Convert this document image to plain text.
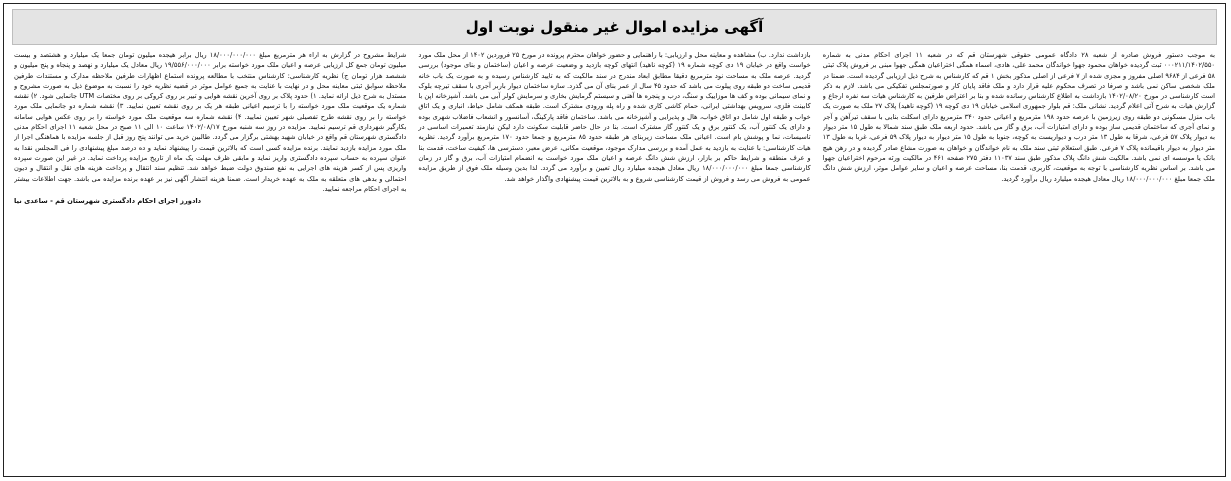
آگهی مزایده اموال غیر منقول نوبت اول

به موجب دستور فروش صادره از شعبه ۲۸ دادگاه عمومی حقوقی شهرستان قم که در شعبه ۱۱ اجرای احکام مدنی به شماره ۰۰۰۲۱۱/۱۴۰۲/۵۵۰ ثبت گردیده خواهان محمود جهوا خواندگان محمد علی، هادی، اسماء همگی اختراعیان همگی جهوا مبنی بر فروش پلاک ثبتی ۵۸ فرعی از ۹۶۸۴ اصلی مفروز و مجزی شده از ۷ فرعی از اصلی مذکور بخش ۱ قم که کارشناس به شرح ذیل ارزیابی گردیده است. ضمنا در ملک شخصی ساکن نمی باشد و صرفا در تصرف محکوم علیه قرار دارد و ملک فاقد پایان کار و صورتمجلس تفکیکی می باشد. لازم به ذکر است کارشناسی در مورخ ۱۴۰۲/۰۸/۲۰ بازداشت به اطلاع کارشناس رسانده شده و بنا بر اعتراض طرفین به کارشناس هیات سه نفره ارجاع و گزارش هیات به شرح آتی اعلام گردید. نشانی ملک: قم بلوار جمهوری اسلامی خیابان ۱۹ دی کوچه ۱۹ (کوچه ناهید) پلاک ۲۷ ملک به صورت یک باب منزل مسکونی دو طبقه روی زیرزمین با عرصه حدود ۱۹۸ مترمربع و اعیانی حدود ۳۴۰ مترمربع دارای اسکلت بنایی با سقف تیرآهن و آجر و نمای آجری که ساختمان قدیمی ساز بوده و دارای امتیازات آب، برق و گاز می باشد. حدود اربعه ملک طبق سند شمالا به طول ۱۵ متر دیوار به دیوار پلاک ۵۷ فرعی، شرقا به طول ۱۳ متر درب و دیواریست به کوچه، جنوبا به طول ۱۵ متر دیوار به دیوار پلاک ۵۹ فرعی، غربا به طول ۱۳ متر دیوار به دیوار باقیمانده پلاک ۷ فرعی. طبق استعلام ثبتی سند ملک به نام خواندگان و خواهان به صورت مشاع صادر گردیده و در رهن هیچ بانک یا موسسه ای نمی باشد. مالکیت شش دانگ پلاک مذکور طبق سند ۱۱۰۳۷ دفتر ۲۷۵ صفحه ۴۶۱ در مالکیت ورثه مرحوم اختراعیان جهوا می باشد. بر اساس نظریه کارشناسی با توجه به موقعیت، کاربری، قدمت بنا، مساحت عرصه و اعیان و سایر عوامل موثر، ارزش شش دانگ ملک جمعا مبلغ ۱۸/۰۰۰/۰۰۰/۰۰۰ ریال معادل هیجده میلیارد ریال برآورد گردید.

بازداشت ندارد. ب) مشاهده و معاینه محل و ارزیابی: با راهنمایی و حضور خواهان محترم پرونده در مورخ ۲۵ فروردین ۱۴۰۲ از محل ملک مورد خواست واقع در خیابان ۱۹ دی کوچه شماره ۱۹ (کوچه ناهید) انتهای کوچه بازدید و وضعیت عرصه و اعیان (ساختمان و بنای موجود) بررسی گردید. عرصه ملک به مساحت نود مترمربع دقیقا مطابق ابعاد مندرج در سند مالکیت که به تایید کارشناس رسیده و به صورت یک باب خانه قدیمی ساخت دو طبقه روی پیلوت می باشد که حدود ۴۵ سال از عمر بنای آن می گذرد. سازه ساختمان دیوار باربر آجری با سقف تیرچه بلوک و نمای سیمانی بوده و کف ها موزاییک و سنگ، درب و پنجره ها آهنی و سیستم گرمایش بخاری و سرمایش کولر آبی می باشد. آشپزخانه اپن با کابینت فلزی، سرویس بهداشتی ایرانی، حمام کاشی کاری شده و راه پله ورودی مشترک است. طبقه همکف شامل حیاط، انباری و یک اتاق خواب و طبقه اول شامل دو اتاق خواب، هال و پذیرایی و آشپزخانه می باشد. ساختمان فاقد پارکینگ، آسانسور و انشعاب فاضلاب شهری بوده و دارای یک کنتور آب، یک کنتور برق و یک کنتور گاز مشترک است. بنا در حال حاضر قابلیت سکونت دارد لیکن نیازمند تعمیرات اساسی در تاسیسات، نما و پوشش بام است. اعیانی ملک مساحت زیربنای هر طبقه حدود ۸۵ مترمربع و جمعا حدود ۱۷۰ مترمربع برآورد گردید. نظریه هیات کارشناسی: با عنایت به بازدید به عمل آمده و بررسی مدارک موجود، موقعیت مکانی، عرض معبر، دسترسی ها، کیفیت ساخت، قدمت بنا و عرف منطقه و شرایط حاکم بر بازار، ارزش شش دانگ عرصه و اعیان ملک مورد خواست به انضمام امتیازات آب، برق و گاز در زمان کارشناسی جمعا مبلغ ۱۸/۰۰۰/۰۰۰/۰۰۰ ریال معادل هیجده میلیارد ریال تعیین و برآورد می گردد. لذا بدین وسیله ملک فوق از طریق مزایده عمومی به فروش می رسد و فروش از قیمت کارشناسی شروع و به بالاترین قیمت پیشنهادی واگذار خواهد شد.

شرایط مشروح در گزارش به اراء هر مترمربع مبلغ ۱۸/۰۰۰/۰۰۰/۰۰۰ ریال برابر هیجده میلیون تومان جمعا یک میلیارد و هشتصد و بیست میلیون تومان جمع کل ارزیابی عرصه و اعیان ملک مورد خواسته برابر ۱۹/۵۵۶/۰۰۰/۰۰۰ ریال معادل یک میلیارد و نهصد و پنجاه و پنج میلیون و ششصد هزار تومان ج) نظریه کارشناسی: کارشناس منتخب با مطالعه پرونده استماع اظهارات طرفین ملاحظه مدارک و مستندات طرفین ملاحظه سوابق ثبتی معاینه محل و در نهایت با عنایت به جمیع عوامل موثر در قضیه نظریه خود را نسبت به موضوع ذیل به صورت مشروح و مستدل به شرح ذیل ارائه نماید. ۱) حدود پلاک بر روی آخرین نقشه هوایی و تبیر بر روی کروکی بر روی مختصات UTM جانمایی شود. ۲) نقشه شماره یک موقعیت ملک مورد خواسته را با ترسیم اعیانی طبقه هر یک بر روی نقشه تعیین نمایید. ۳) نقشه شماره دو جانمایی ملک مورد خواسته را بر روی نقشه طرح تفصیلی شهر تعیین نمایید. ۴) نقشه شماره سه موقعیت ملک مورد خواسته را بر روی عکس هوایی سامانه بکارگیر شهرداری قم ترسیم نمایید. مزایده در روز سه شنبه مورخ ۱۴۰۲/۰۸/۱۷ ساعت ۱۰ الی ۱۱ صبح در محل شعبه ۱۱ اجرای احکام مدنی دادگستری شهرستان قم واقع در خیابان شهید بهشتی برگزار می گردد. طالبین خرید می توانند پنج روز قبل از جلسه مزایده با هماهنگی اجرا از ملک مورد مزایده بازدید نمایند. برنده مزایده کسی است که بالاترین قیمت را پیشنهاد نماید و ده درصد مبلغ پیشنهادی را فی المجلس نقدا به عنوان سپرده به حساب سپرده دادگستری واریز نماید و مابقی ظرف مهلت یک ماه از تاریخ مزایده پرداخت نماید. در غیر این صورت سپرده واریزی پس از کسر هزینه های اجرایی به نفع صندوق دولت ضبط خواهد شد. تنظیم سند انتقال و پرداخت هزینه های نقل و انتقال و دیون احتمالی و بدهی های متعلقه به ملک به عهده خریدار است. ضمنا هزینه انتشار آگهی نیز بر عهده برنده مزایده می باشد. جهت اطلاعات بیشتر به اجرای احکام مراجعه نمایید.

دادورز اجرای احکام دادگستری شهرستان قم - ساعدی نیا
